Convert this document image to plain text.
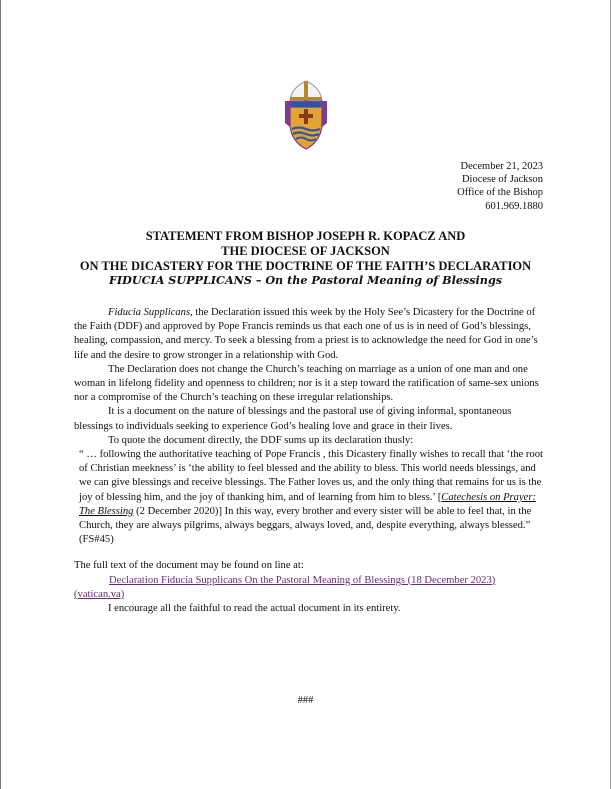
December 21, 2023
Diocese of Jackson
Office of the Bishop
601.969.1880
STATEMENT FROM BISHOP JOSEPH R. KOPACZ AND
THE DIOCESE OF JACKSON
ON THE DICASTERY FOR THE DOCTRINE OF THE FAITH’S DECLARATION
FIDUCIA SUPPLICANS – On the Pastoral Meaning of Blessings

Fiducia Supplicans, the Declaration issued this week by the Holy See’s Dicastery for the Doctrine of the Faith (DDF) and approved by Pope Francis reminds us that each one of us is in need of God’s blessings, healing, compassion, and mercy. To seek a blessing from a priest is to acknowledge the need for God in one’s life and the desire to grow stronger in a relationship with God.

The Declaration does not change the Church’s teaching on marriage as a union of one man and one woman in lifelong fidelity and openness to children; nor is it a step toward the ratification of same-sex unions nor a compromise of the Church’s teaching on these irregular relationships.

It is a document on the nature of blessings and the pastoral use of giving informal, spontaneous blessings to individuals seeking to experience God’s healing love and grace in their lives.

To quote the document directly, the DDF sums up its declaration thusly:

“ … following the authoritative teaching of Pope Francis , this Dicastery finally wishes to recall that ‘the root of Christian meekness’ is ‘the ability to feel blessed and the ability to bless. This world needs blessings, and we can give blessings and receive blessings. The Father loves us, and the only thing that remains for us is the joy of blessing him, and the joy of thanking him, and of learning from him to bless.’ [Catechesis on Prayer: The Blessing (2 December 2020)] In this way, every brother and every sister will be able to feel that, in the Church, they are always pilgrims, always beggars, always loved, and, despite everything, always blessed.” (FS#45)

The full text of the document may be found on line at:

Declaration Fiducia Supplicans On the Pastoral Meaning of Blessings (18 December 2023)
(vatican.va)

I encourage all the faithful to read the actual document in its entirety.

###
